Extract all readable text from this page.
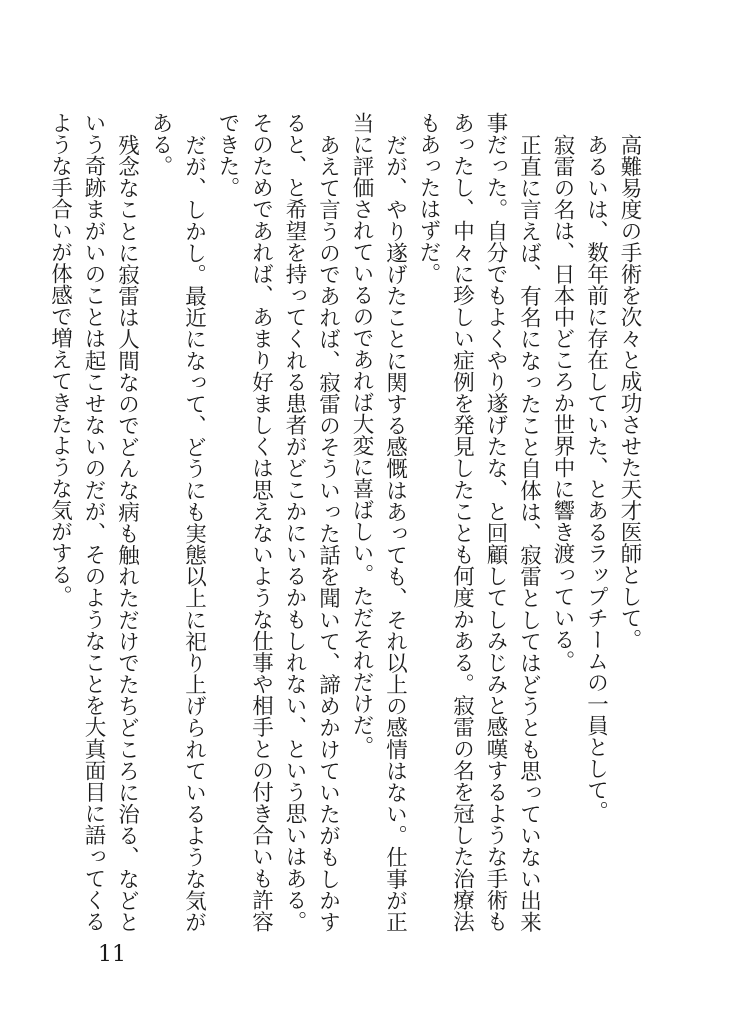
高難易度の手術を次々と成功させた天才医師として。

あるいは、数年前に存在していた、とあるラップチームの一員として。

寂雷の名は、日本中どころか世界中に響き渡っている。

正直に言えば、有名になったこと自体は、寂雷としてはどうとも思っていない出来事だった。自分でもよくやり遂げたな、と回顧してしみじみと感嘆するような手術もあったし、中々に珍しい症例を発見したことも何度かある。寂雷の名を冠した治療法もあったはずだ。

だが、やり遂げたことに関する感慨はあっても、それ以上の感情はない。仕事が正当に評価されているのであれば大変に喜ばしい。ただそれだけだ。

あえて言うのであれば、寂雷のそういった話を聞いて、諦めかけていたがもしかすると、と希望を持ってくれる患者がどこかにいるかもしれない、という思いはある。そのためであれば、あまり好ましくは思えないような仕事や相手との付き合いも許容できた。

だが、しかし。最近になって、どうにも実態以上に祀り上げられているような気がある。

残念なことに寂雷は人間なのでどんな病も触れただけでたちどころに治る、などという奇跡まがいのことは起こせないのだが、そのようなことを大真面目に語ってくるような手合いが体感で増えてきたような気がする。

11
